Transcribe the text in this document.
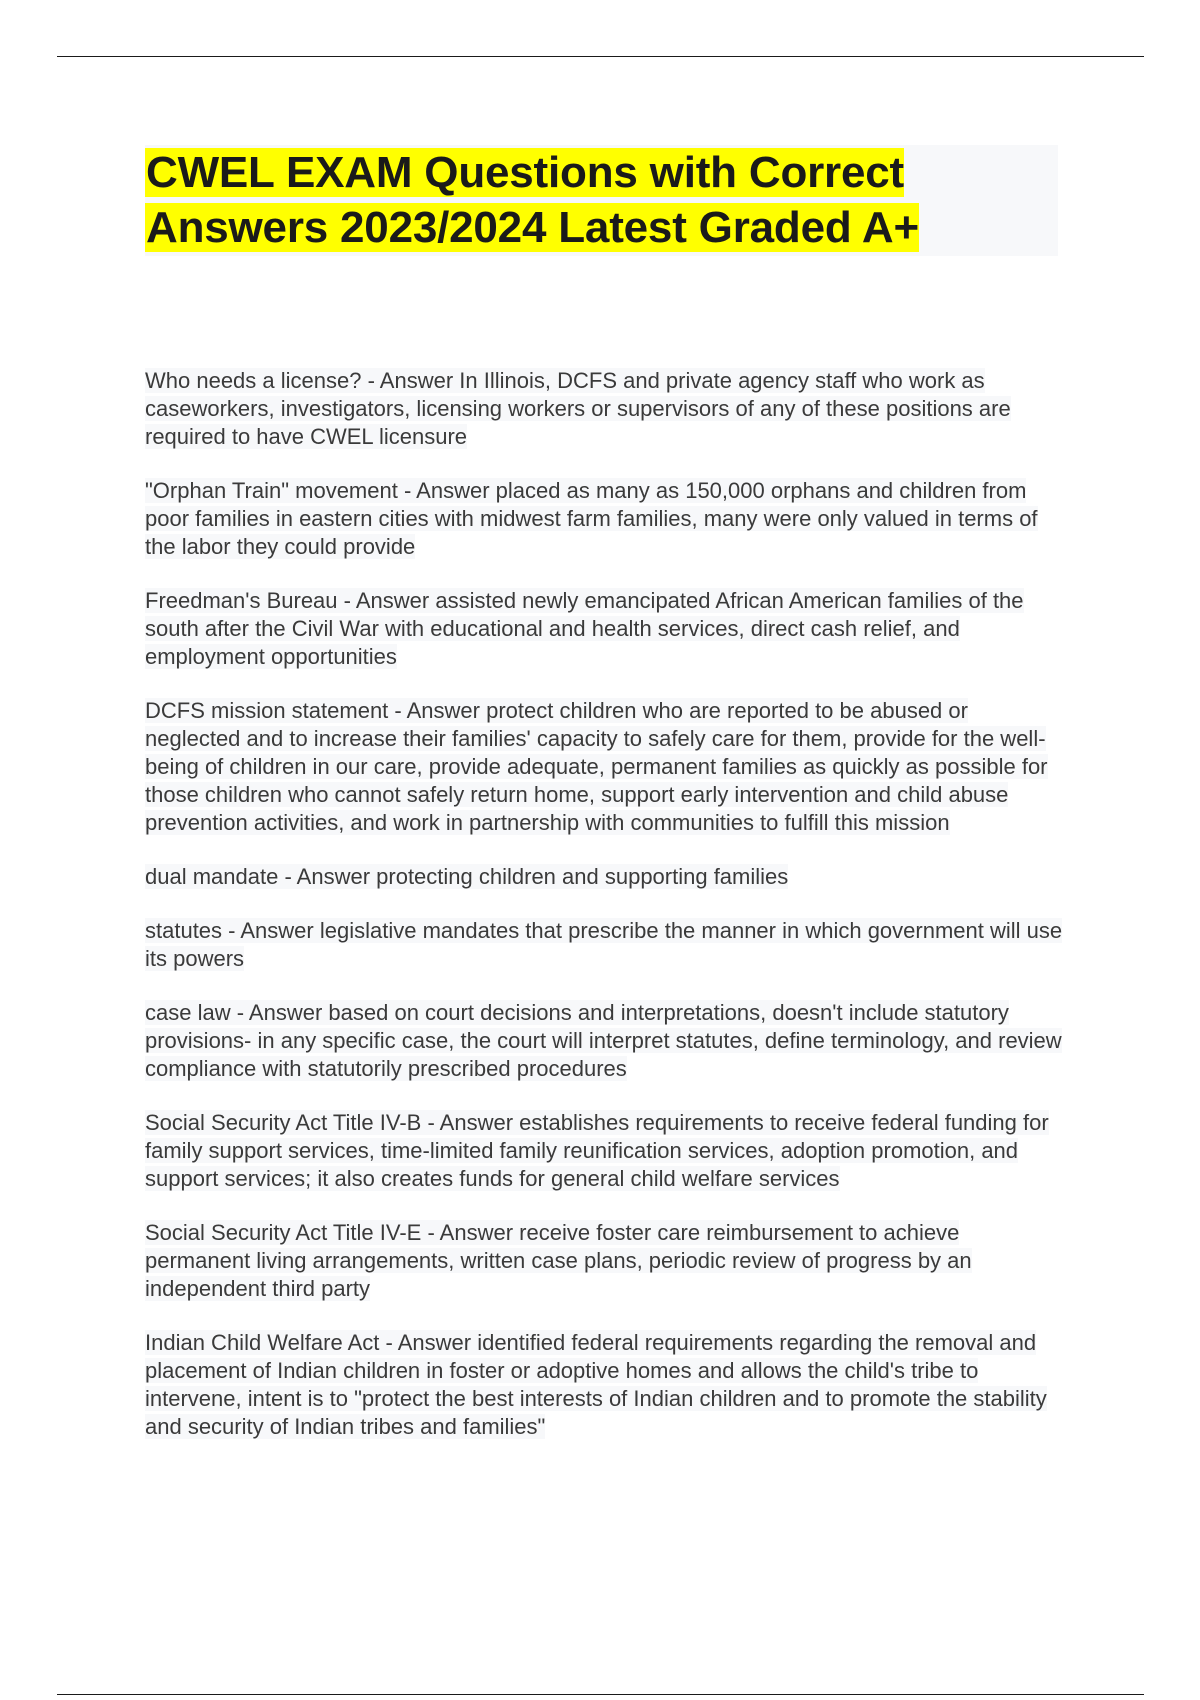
CWEL EXAM Questions with Correct
Answers 2023/2024 Latest Graded A+
Who needs a license? - Answer In Illinois, DCFS and private agency staff who work as caseworkers, investigators, licensing workers or supervisors of any of these positions are required to have CWEL licensure
"Orphan Train" movement - Answer placed as many as 150,000 orphans and children from poor families in eastern cities with midwest farm families, many were only valued in terms of the labor they could provide
Freedman's Bureau - Answer assisted newly emancipated African American families of the south after the Civil War with educational and health services, direct cash relief, and employment opportunities
DCFS mission statement - Answer protect children who are reported to be abused or neglected and to increase their families' capacity to safely care for them, provide for the well-being of children in our care, provide adequate, permanent families as quickly as possible for those children who cannot safely return home, support early intervention and child abuse prevention activities, and work in partnership with communities to fulfill this mission
dual mandate - Answer protecting children and supporting families
statutes - Answer legislative mandates that prescribe the manner in which government will use its powers
case law - Answer based on court decisions and interpretations, doesn't include statutory provisions- in any specific case, the court will interpret statutes, define terminology, and review compliance with statutorily prescribed procedures
Social Security Act Title IV-B - Answer establishes requirements to receive federal funding for family support services, time-limited family reunification services, adoption promotion, and support services; it also creates funds for general child welfare services
Social Security Act Title IV-E - Answer receive foster care reimbursement to achieve permanent living arrangements, written case plans, periodic review of progress by an independent third party
Indian Child Welfare Act - Answer identified federal requirements regarding the removal and placement of Indian children in foster or adoptive homes and allows the child's tribe to intervene, intent is to "protect the best interests of Indian children and to promote the stability and security of Indian tribes and families"
